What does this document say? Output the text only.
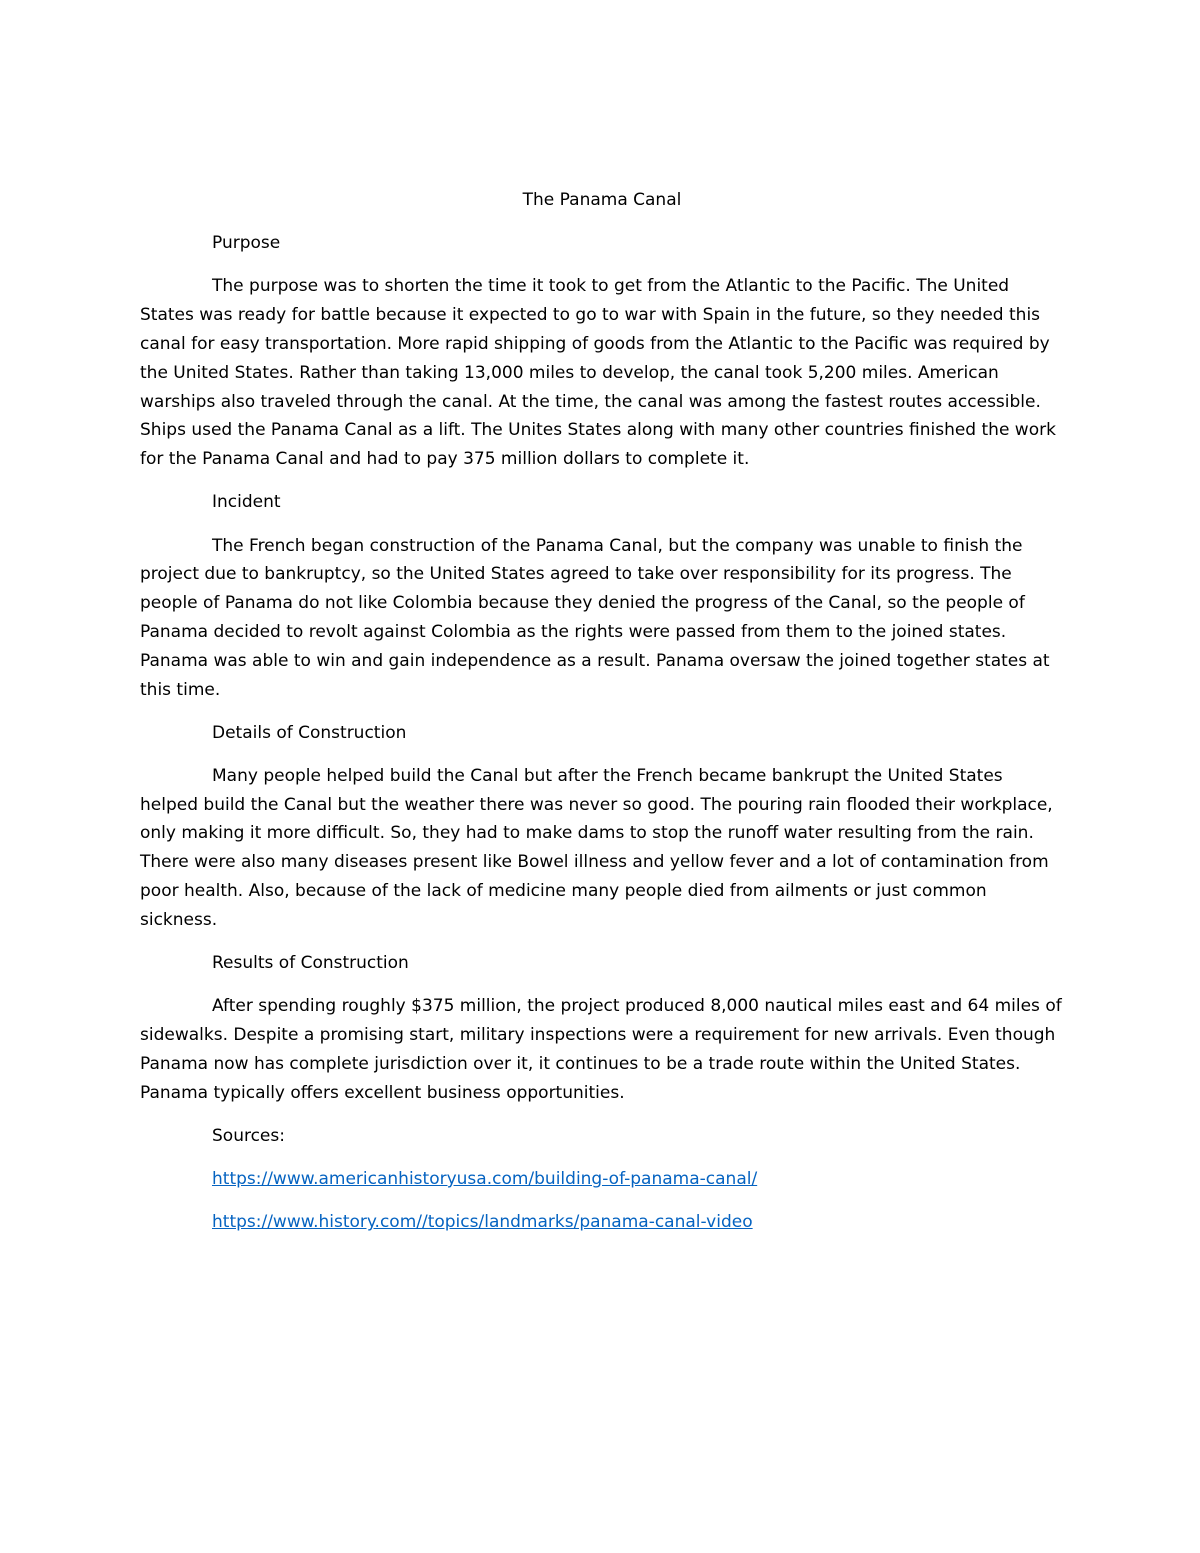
The Panama Canal
Purpose

The purpose was to shorten the time it took to get from the Atlantic to the Pacific. The United States was ready for battle because it expected to go to war with Spain in the future, so they needed this canal for easy transportation. More rapid shipping of goods from the Atlantic to the Pacific was required by the United States. Rather than taking 13,000 miles to develop, the canal took 5,200 miles. American warships also traveled through the canal. At the time, the canal was among the fastest routes accessible. Ships used the Panama Canal as a lift. The Unites States along with many other countries finished the work for the Panama Canal and had to pay 375 million dollars to complete it.

Incident

The French began construction of the Panama Canal, but the company was unable to finish the project due to bankruptcy, so the United States agreed to take over responsibility for its progress. The people of Panama do not like Colombia because they denied the progress of the Canal, so the people of Panama decided to revolt against Colombia as the rights were passed from them to the joined states. Panama was able to win and gain independence as a result. Panama oversaw the joined together states at this time.

Details of Construction

Many people helped build the Canal but after the French became bankrupt the United States helped build the Canal but the weather there was never so good. The pouring rain flooded their workplace, only making it more difficult. So, they had to make dams to stop the runoff water resulting from the rain. There were also many diseases present like Bowel illness and yellow fever and a lot of contamination from poor health. Also, because of the lack of medicine many people died from ailments or just common sickness.

Results of Construction

After spending roughly $375 million, the project produced 8,000 nautical miles east and 64 miles of sidewalks. Despite a promising start, military inspections were a requirement for new arrivals. Even though Panama now has complete jurisdiction over it, it continues to be a trade route within the United States. Panama typically offers excellent business opportunities.

Sources:
https://www.americanhistoryusa.com/building-of-panama-canal/
https://www.history.com//topics/landmarks/panama-canal-video
